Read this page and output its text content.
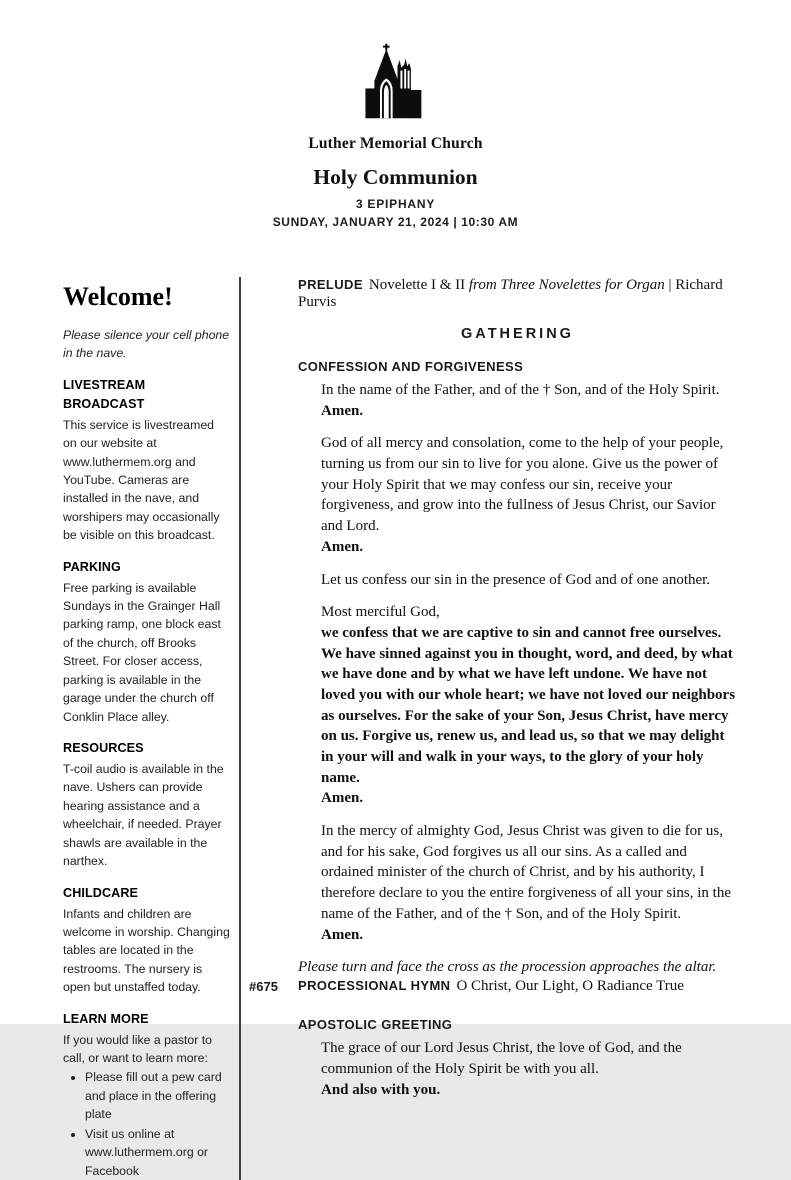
Luther Memorial Church
Holy Communion
3 EPIPHANY
SUNDAY, JANUARY 21, 2024 | 10:30 AM
Welcome!
Please silence your cell phone in the nave.
LIVESTREAM BROADCAST
This service is livestreamed on our website at www.luthermem.org and YouTube. Cameras are installed in the nave, and worshipers may occasionally be visible on this broadcast.
PARKING
Free parking is available Sundays in the Grainger Hall parking ramp, one block east of the church, off Brooks Street. For closer access, parking is available in the garage under the church off Conklin Place alley.
RESOURCES
T-coil audio is available in the nave. Ushers can provide hearing assistance and a wheelchair, if needed. Prayer shawls are available in the narthex.
CHILDCARE
Infants and children are welcome in worship. Changing tables are located in the restrooms. The nursery is open but unstaffed today.
LEARN MORE
If you would like a pastor to call, or want to learn more:
• Please fill out a pew card and place in the offering plate
• Visit us online at www.luthermem.org or Facebook
PRELUDE Novelette I & II from Three Novelettes for Organ | Richard Purvis
GATHERING
CONFESSION AND FORGIVENESS
In the name of the Father, and of the † Son, and of the Holy Spirit.
Amen.
God of all mercy and consolation, come to the help of your people, turning us from our sin to live for you alone. Give us the power of your Holy Spirit that we may confess our sin, receive your forgiveness, and grow into the fullness of Jesus Christ, our Savior and Lord.
Amen.
Let us confess our sin in the presence of God and of one another.
Most merciful God,
we confess that we are captive to sin and cannot free ourselves. We have sinned against you in thought, word, and deed, by what we have done and by what we have left undone. We have not loved you with our whole heart; we have not loved our neighbors as ourselves. For the sake of your Son, Jesus Christ, have mercy on us. Forgive us, renew us, and lead us, so that we may delight in your will and walk in your ways, to the glory of your holy name.
Amen.
In the mercy of almighty God, Jesus Christ was given to die for us, and for his sake, God forgives us all our sins. As a called and ordained minister of the church of Christ, and by his authority, I therefore declare to you the entire forgiveness of all your sins, in the name of the Father, and of the † Son, and of the Holy Spirit.
Amen.
Please turn and face the cross as the procession approaches the altar.
#675 PROCESSIONAL HYMN O Christ, Our Light, O Radiance True
APOSTOLIC GREETING
The grace of our Lord Jesus Christ, the love of God, and the communion of the Holy Spirit be with you all.
And also with you.
